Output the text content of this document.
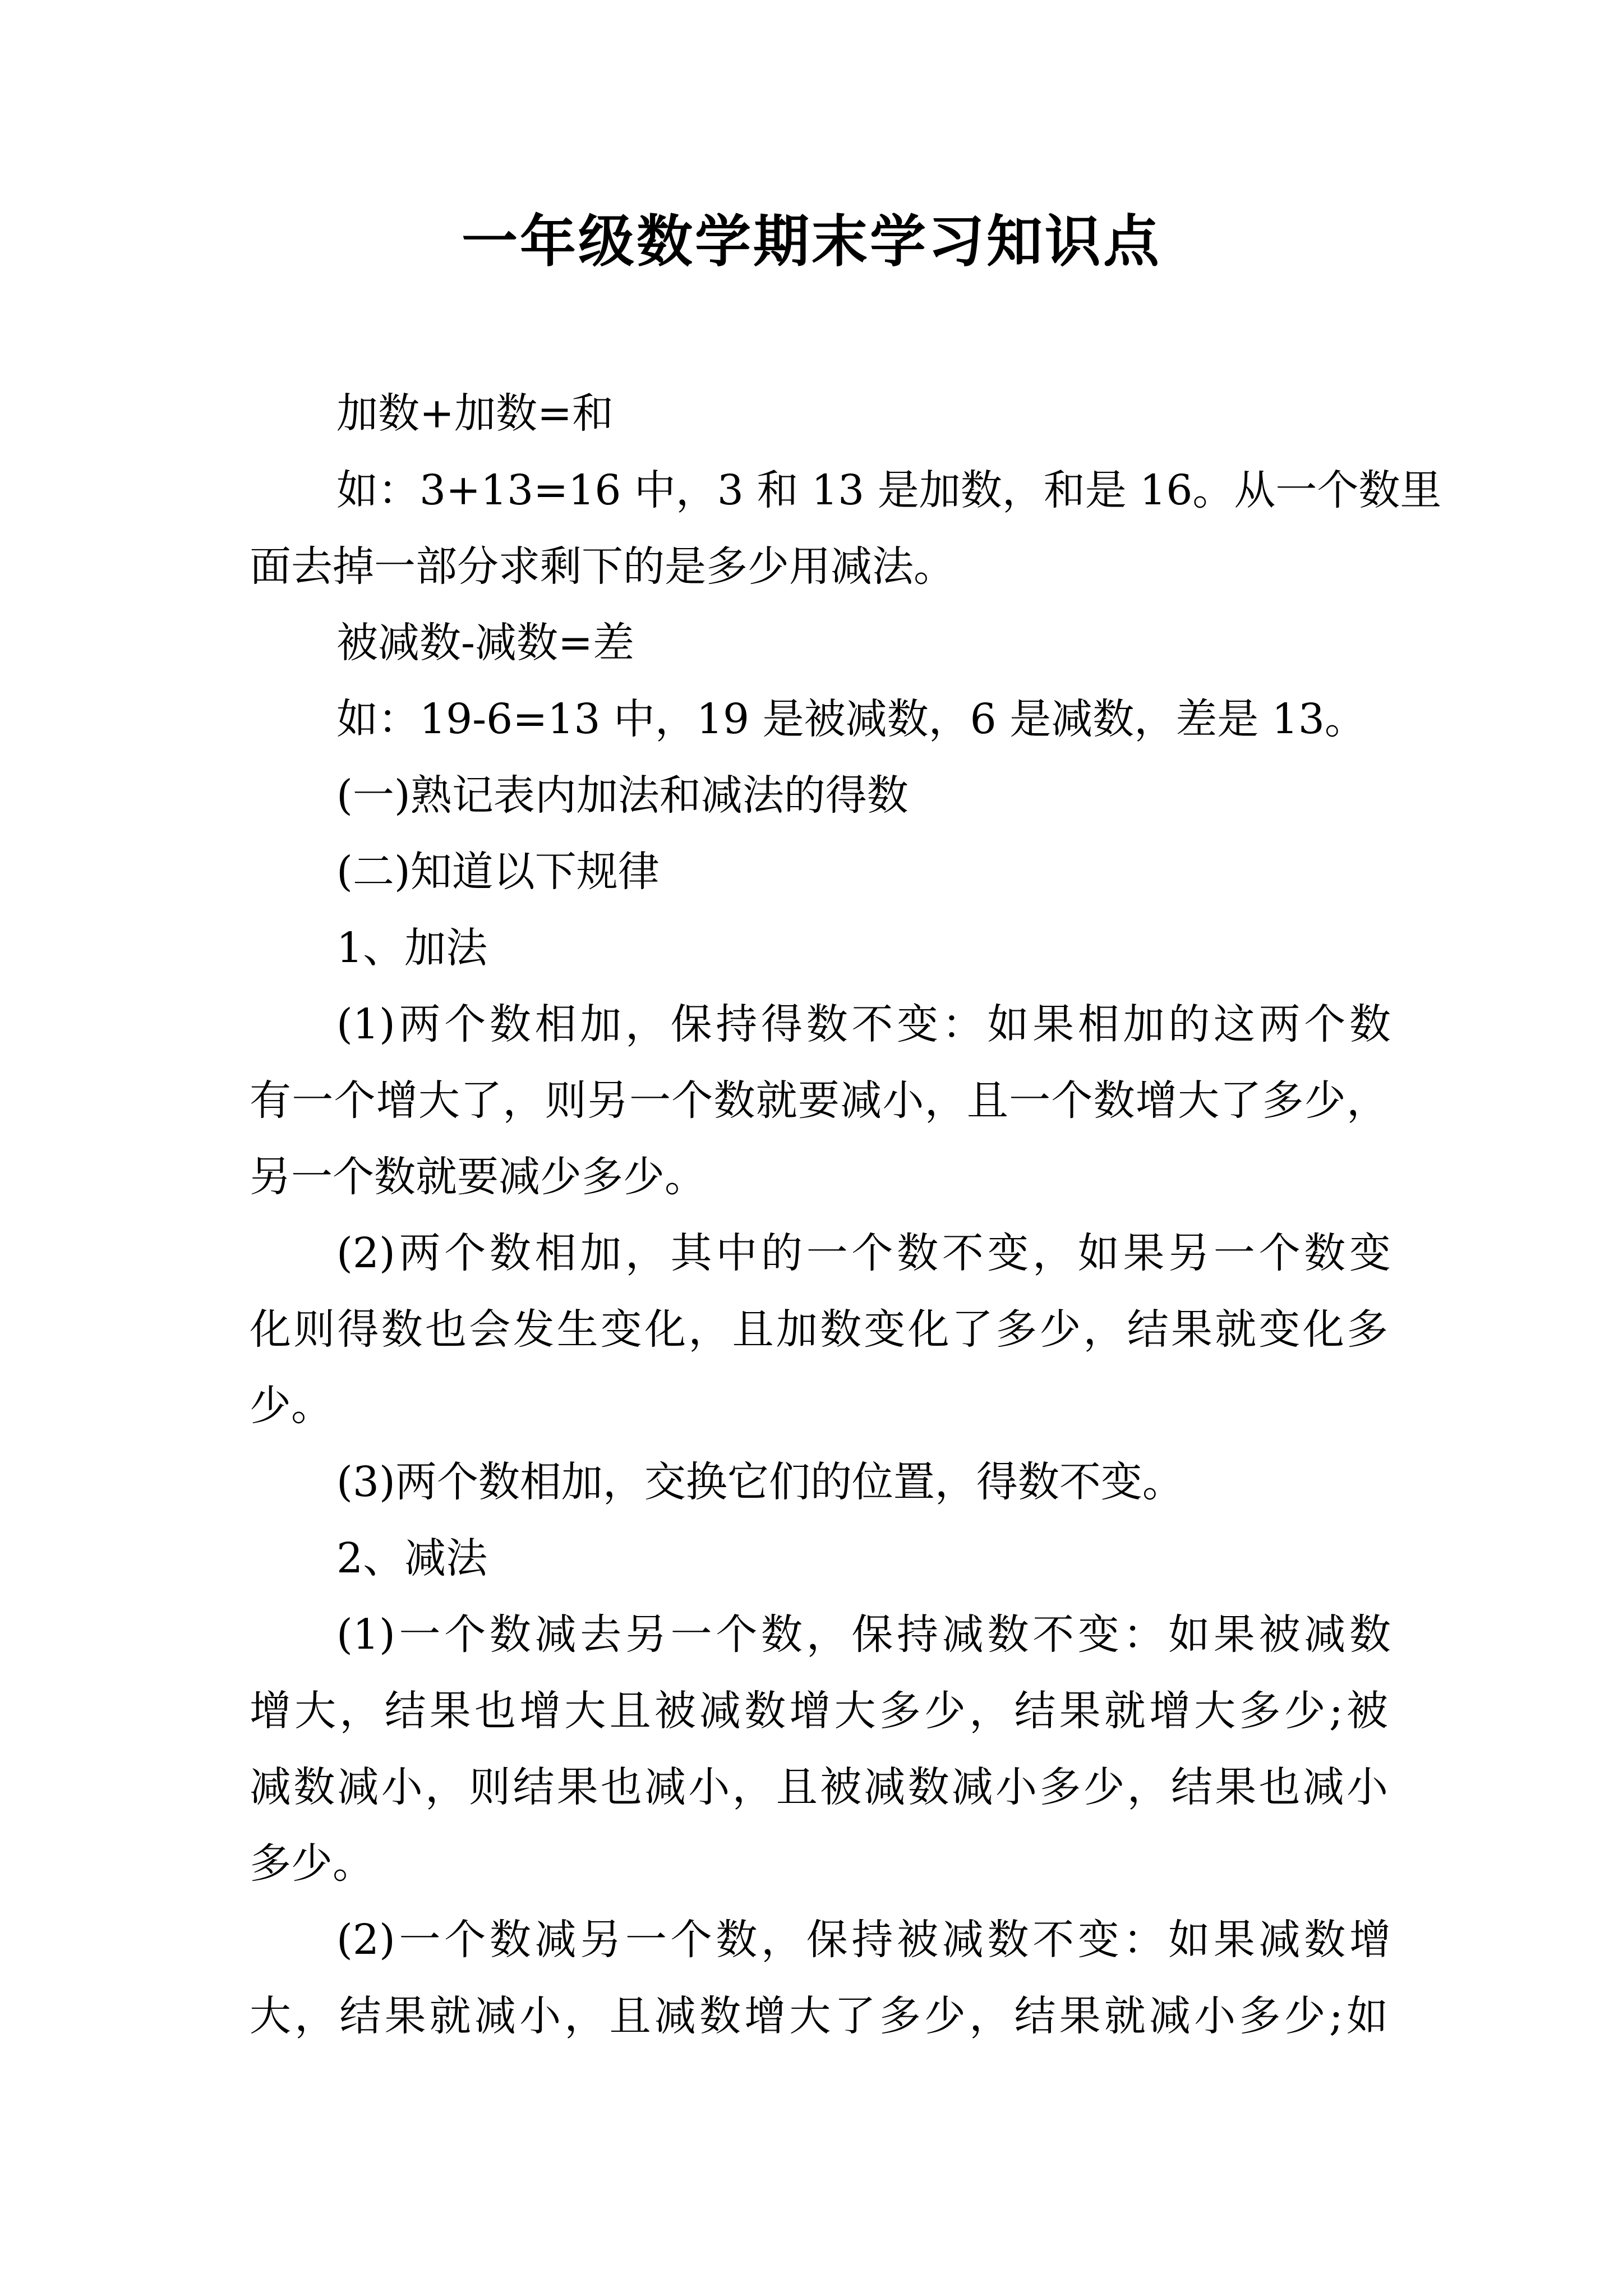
一年级数学期末学习知识点

加数+加数=和

如：3+13=16 中，3 和 13 是加数，和是 16。从一个数里

面去掉一部分求剩下的是多少用减法。

被减数-减数=差

如：19-6=13 中，19 是被减数，6 是减数，差是 13。

(一)熟记表内加法和减法的得数

(二)知道以下规律

1、加法

(1)两个数相加，保持得数不变：如果相加的这两个数

有一个增大了，则另一个数就要减小，且一个数增大了多少，

另一个数就要减少多少。

(2)两个数相加，其中的一个数不变，如果另一个数变

化则得数也会发生变化，且加数变化了多少，结果就变化多

少。

(3)两个数相加，交换它们的位置，得数不变。

2、减法

(1)一个数减去另一个数，保持减数不变：如果被减数

增大，结果也增大且被减数增大多少，结果就增大多少;被

减数减小，则结果也减小，且被减数减小多少，结果也减小

多少。

(2)一个数减另一个数，保持被减数不变：如果减数增

大，结果就减小，且减数增大了多少，结果就减小多少;如
